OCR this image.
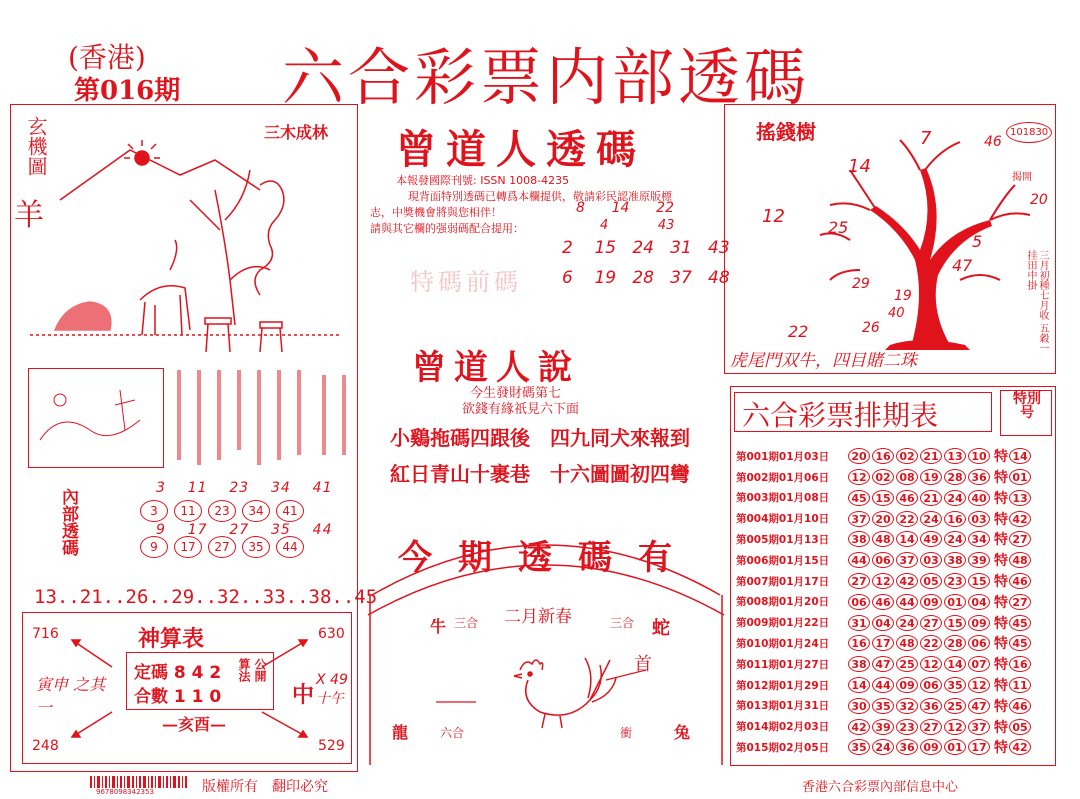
(香港)
第016期 六合彩票内部透碼
玄機圖
羊
三木成林
內部透碼	3 11 23 34 41
3	11	23	34	41
9 17 27 35 44
9	17	27	35	44
13..21..26..29..32..33..38..45
716	630
248	529
神算表
定碼 8 4 2
合數 1 1 0
算法 公開
—亥酉—
寅申 之其一	中
X 49 十午
曾道人透碼
本報發國際刊號: ISSN 1008-4235
現背面特別透碼已轉爲本欄提供，敬請彩民認准原版標
志，中獎機會將與您相伴！
請與其它欄的强弱碼配合提用：
特碼前碼
8 14 22
4	43
2 15 24 31 43
6 19 28 37 48
曾道人說
今生發財碼第七
欲錢有緣祇見六下面
小鷄拖碼四跟後　四九同犬來報到
紅日青山十裹巷　十六圖圖初四彎
今期透碼有
牛 三合 二月新春	三合 蛇
首
龍	六合	衝	兔
搖錢樹	101830
揭開
7	46
14
20
12
25
5
47
29
19
40
22	26	三月初種七月收 五穀一挂田中掛
虎尾門双牛，四目賭二珠
六合彩票排期表	特別号
第001期01月03日	20 16 02 21 13 10 特 14
第002期01月06日	12 02 08 19 28 36 特 01
第003期01月08日	45 15 46 21 24 40 特 13
第004期01月10日	37 20 22 24 16 03 特 42
第005期01月13日	38 48 14 49 24 34 特 27
第006期01月15日	44 06 37 03 38 39 特 48
第007期01月17日	27 12 42 05 23 15 特 46
第008期01月20日	06 46 44 09 01 04 特 27
第009期01月22日	31 04 24 27 15 09 特 45
第010期01月24日	16 17 48 22 28 06 特 45
第011期01月27日	38 47 25 12 14 07 特 16
第012期01月29日	14 44 09 06 35 12 特 11
第013期01月31日	30 35 32 36 25 47 特 46
第014期02月03日	42 39 23 27 12 37 特 05
第015期02月05日	35 24 36 09 01 17 特 42
9678098342353	版權所有　翻印必究	香港六合彩票內部信息中心
